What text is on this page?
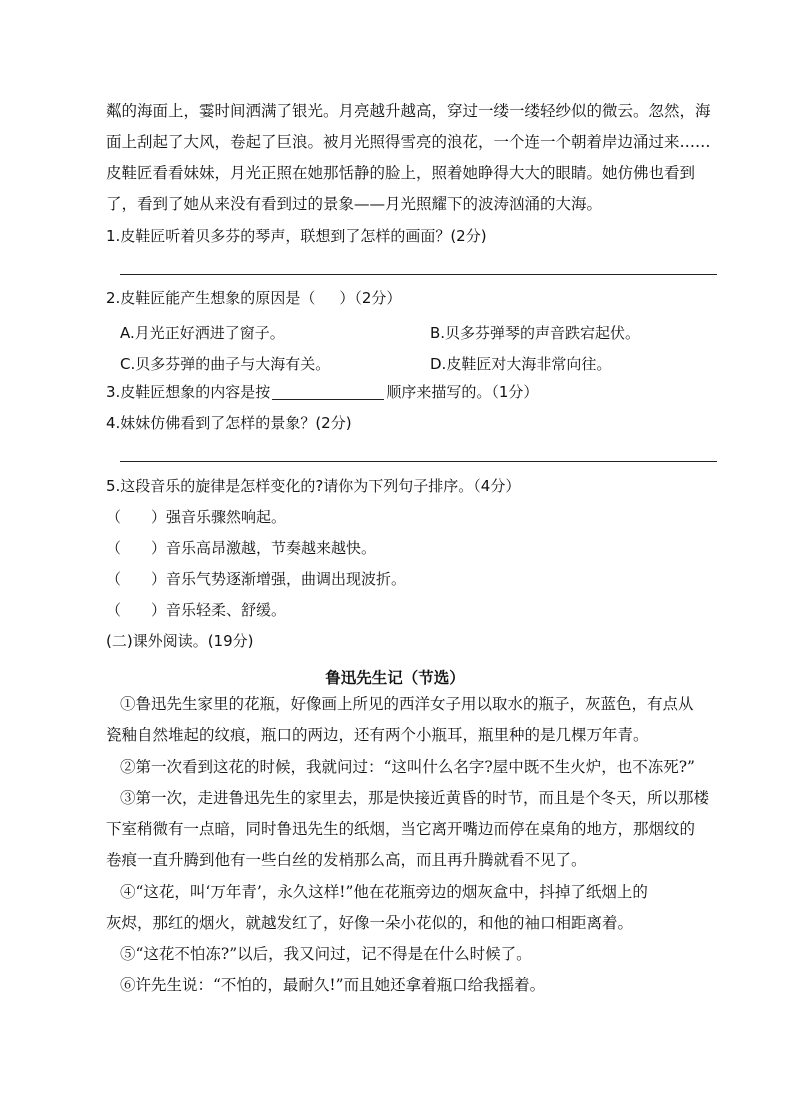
粼的海面上，霎时间洒满了银光。月亮越升越高，穿过一缕一缕轻纱似的微云。忽然，海
面上刮起了大风，卷起了巨浪。被月光照得雪亮的浪花，一个连一个朝着岸边涌过来……
皮鞋匠看看妹妹，月光正照在她那恬静的脸上，照着她睁得大大的眼睛。她仿佛也看到
了，看到了她从来没有看到过的景象——月光照耀下的波涛汹涌的大海。
1.皮鞋匠听着贝多芬的琴声，联想到了怎样的画面？(2分)
2.皮鞋匠能产生想象的原因是（ ）（2分）
A.月光正好洒进了窗子。	B.贝多芬弹琴的声音跌宕起伏。
C.贝多芬弹的曲子与大海有关。	D.皮鞋匠对大海非常向往。
3.皮鞋匠想象的内容是按	顺序来描写的。（1分）
4.妹妹仿佛看到了怎样的景象？(2分)
5.这段音乐的旋律是怎样变化的?请你为下列句子排序。（4分）
（　　）强音乐骤然响起。
（　　）音乐高昂激越，节奏越来越快。
（　　）音乐气势逐渐增强，曲调出现波折。
（　　）音乐轻柔、舒缓。
(二)课外阅读。(19分)
鲁迅先生记（节选）
①鲁迅先生家里的花瓶，好像画上所见的西洋女子用以取水的瓶子，灰蓝色，有点从
瓷釉自然堆起的纹痕，瓶口的两边，还有两个小瓶耳，瓶里种的是几棵万年青。
②第一次看到这花的时候，我就问过：“这叫什么名字?屋中既不生火炉，也不冻死?”
③第一次，走进鲁迅先生的家里去，那是快接近黄昏的时节，而且是个冬天，所以那楼
下室稍微有一点暗，同时鲁迅先生的纸烟，当它离开嘴边而停在桌角的地方，那烟纹的
卷痕一直升腾到他有一些白丝的发梢那么高，而且再升腾就看不见了。
④“这花，叫‘万年青’，永久这样!”他在花瓶旁边的烟灰盒中，抖掉了纸烟上的
灰烬，那红的烟火，就越发红了，好像一朵小花似的，和他的袖口相距离着。
⑤“这花不怕冻?”以后，我又问过，记不得是在什么时候了。
⑥许先生说：“不怕的，最耐久!”而且她还拿着瓶口给我摇着。
